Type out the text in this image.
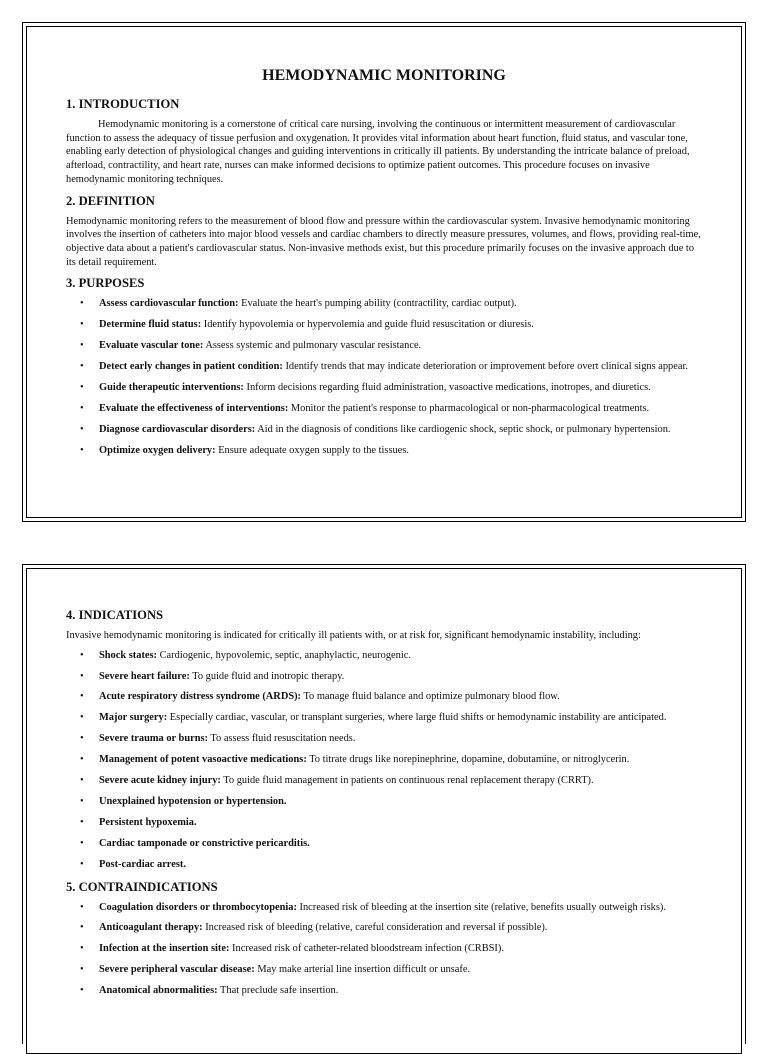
HEMODYNAMIC MONITORING
1. INTRODUCTION

Hemodynamic monitoring is a cornerstone of critical care nursing, involving the continuous or intermittent measurement of cardiovascular function to assess the adequacy of tissue perfusion and oxygenation. It provides vital information about heart function, fluid status, and vascular tone, enabling early detection of physiological changes and guiding interventions in critically ill patients. By understanding the intricate balance of preload, afterload, contractility, and heart rate, nurses can make informed decisions to optimize patient outcomes. This procedure focuses on invasive hemodynamic monitoring techniques.

2. DEFINITION

Hemodynamic monitoring refers to the measurement of blood flow and pressure within the cardiovascular system. Invasive hemodynamic monitoring involves the insertion of catheters into major blood vessels and cardiac chambers to directly measure pressures, volumes, and flows, providing real-time, objective data about a patient's cardiovascular status. Non-invasive methods exist, but this procedure primarily focuses on the invasive approach due to its detail requirement.

3. PURPOSES
• Assess cardiovascular function: Evaluate the heart's pumping ability (contractility, cardiac output).
• Determine fluid status: Identify hypovolemia or hypervolemia and guide fluid resuscitation or diuresis.
• Evaluate vascular tone: Assess systemic and pulmonary vascular resistance.
• Detect early changes in patient condition: Identify trends that may indicate deterioration or improvement before overt clinical signs appear.
• Guide therapeutic interventions: Inform decisions regarding fluid administration, vasoactive medications, inotropes, and diuretics.
• Evaluate the effectiveness of interventions: Monitor the patient's response to pharmacological or non-pharmacological treatments.
• Diagnose cardiovascular disorders: Aid in the diagnosis of conditions like cardiogenic shock, septic shock, or pulmonary hypertension.
• Optimize oxygen delivery: Ensure adequate oxygen supply to the tissues.
4. INDICATIONS

Invasive hemodynamic monitoring is indicated for critically ill patients with, or at risk for, significant hemodynamic instability, including:

• Shock states: Cardiogenic, hypovolemic, septic, anaphylactic, neurogenic.
• Severe heart failure: To guide fluid and inotropic therapy.
• Acute respiratory distress syndrome (ARDS): To manage fluid balance and optimize pulmonary blood flow.
• Major surgery: Especially cardiac, vascular, or transplant surgeries, where large fluid shifts or hemodynamic instability are anticipated.
• Severe trauma or burns: To assess fluid resuscitation needs.
• Management of potent vasoactive medications: To titrate drugs like norepinephrine, dopamine, dobutamine, or nitroglycerin.
• Severe acute kidney injury: To guide fluid management in patients on continuous renal replacement therapy (CRRT).
• Unexplained hypotension or hypertension.
• Persistent hypoxemia.
• Cardiac tamponade or constrictive pericarditis.
• Post-cardiac arrest.
5. CONTRAINDICATIONS
• Coagulation disorders or thrombocytopenia: Increased risk of bleeding at the insertion site (relative, benefits usually outweigh risks).
• Anticoagulant therapy: Increased risk of bleeding (relative, careful consideration and reversal if possible).
• Infection at the insertion site: Increased risk of catheter-related bloodstream infection (CRBSI).
• Severe peripheral vascular disease: May make arterial line insertion difficult or unsafe.
• Anatomical abnormalities: That preclude safe insertion.
